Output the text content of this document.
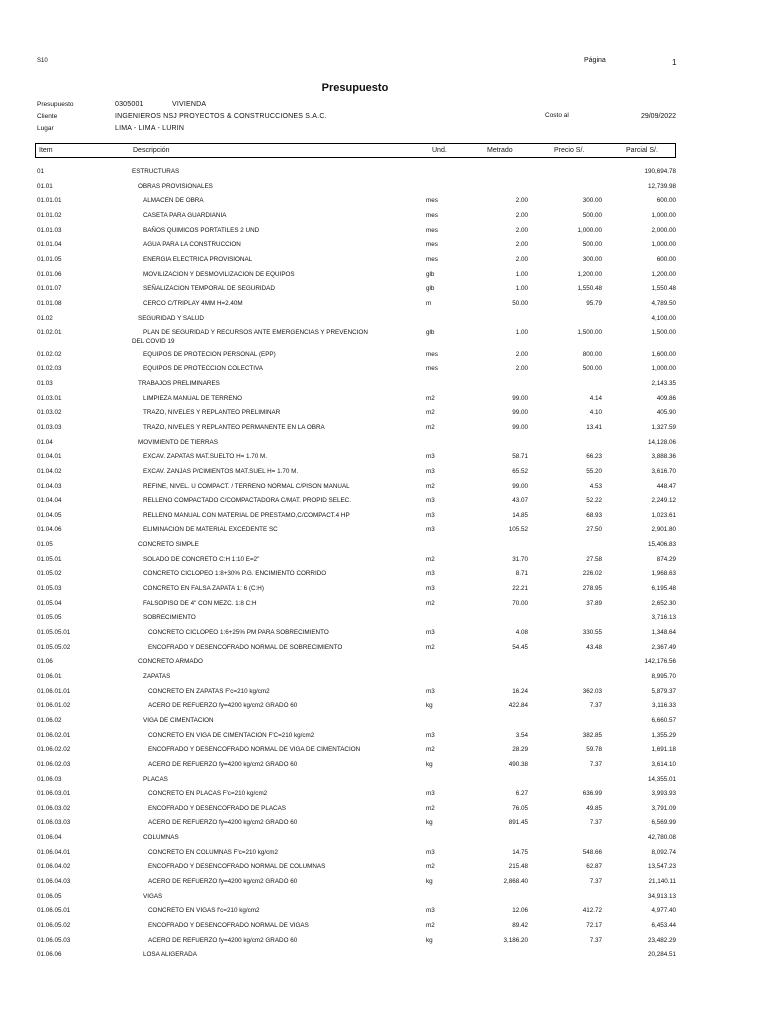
S10	Página	1
Presupuesto
Presupuesto	0305001	VIVIENDA
Cliente	INGENIEROS NSJ PROYECTOS & CONSTRUCCIONES S.A.C.	Costo al	29/09/2022
Lugar	LIMA - LIMA - LURIN
Item	Descripción	Und.	Metrado	Precio S/.	Parcial S/.
01	ESTRUCTURAS	190,694.78
01.01	OBRAS PROVISIONALES	12,739.98
01.01.01	ALMACEN DE OBRA	mes	2.00	300.00	600.00
01.01.02	CASETA PARA GUARDIANIA	mes	2.00	500.00	1,000.00
01.01.03	BAÑOS QUIMICOS PORTATILES 2 UND	mes	2.00	1,000.00	2,000.00
01.01.04	AGUA PARA LA CONSTRUCCION	mes	2.00	500.00	1,000.00
01.01.05	ENERGIA ELECTRICA PROVISIONAL	mes	2.00	300.00	600.00
01.01.06	MOVILIZACION Y DESMOVILIZACION DE EQUIPOS	glb	1.00	1,200.00	1,200.00
01.01.07	SEÑALIZACION TEMPORAL DE SEGURIDAD	glb	1.00	1,550.48	1,550.48
01.01.08	CERCO C/TRIPLAY 4MM H=2.40M	m	50.00	95.79	4,789.50
01.02	SEGURIDAD Y SALUD	4,100.00
01.02.01	PLAN DE SEGURIDAD Y RECURSOS ANTE EMERGENCIAS Y PREVENCION	glb	1.00	1,500.00	1,500.00
DEL COVID 19
01.02.02	EQUIPOS DE PROTECION PERSONAL (EPP)	mes	2.00	800.00	1,600.00
01.02.03	EQUIPOS DE PROTECCION COLECTIVA	mes	2.00	500.00	1,000.00
01.03	TRABAJOS PRELIMINARES	2,143.35
01.03.01	LIMPIEZA MANUAL DE TERRENO	m2	99.00	4.14	409.86
01.03.02	TRAZO, NIVELES Y REPLANTEO PRELIMINAR	m2	99.00	4.10	405.90
01.03.03	TRAZO, NIVELES Y REPLANTEO PERMANENTE EN LA OBRA	m2	99.00	13.41	1,327.59
01.04	MOVIMIENTO DE TIERRAS	14,128.06
01.04.01	EXCAV. ZAPATAS MAT.SUELTO H= 1.70 M.	m3	58.71	66.23	3,888.36
01.04.02	EXCAV. ZANJAS P/CIMIENTOS MAT.SUEL H= 1.70 M.	m3	65.52	55.20	3,616.70
01.04.03	REFINE, NIVEL. U COMPACT. / TERRENO NORMAL C/PISON MANUAL	m2	99.00	4.53	448.47
01.04.04	RELLENO COMPACTADO C/COMPACTADORA C/MAT. PROPID SELEC.	m3	43.07	52.22	2,249.12
01.04.05	RELLENO MANUAL CON MATERIAL DE PRESTAMO,C/COMPACT.4 HP	m3	14.85	68.93	1,023.61
01.04.06	ELIMINACION DE MATERIAL EXCEDENTE SC	m3	105.52	27.50	2,901.80
01.05	CONCRETO SIMPLE	15,406.83
01.05.01	SOLADO DE CONCRETO C:H 1:10 E=2"	m2	31.70	27.58	874.29
01.05.02	CONCRETO CICLOPEO 1:8+30% P.G. ENCIMIENTO CORRIDO	m3	8.71	226.02	1,968.63
01.05.03	CONCRETO EN FALSA ZAPATA 1: 6 (C:H)	m3	22.21	278.95	6,195.48
01.05.04	FALSOPISO DE 4" CON MEZC. 1:8 C:H	m2	70.00	37.89	2,652.30
01.05.05	SOBRECIMIENTO	3,716.13
01.05.05.01	CONCRETO CICLOPEO 1:6+25% PM PARA SOBRECIMIENTO	m3	4.08	330.55	1,348.64
01.05.05.02	ENCOFRADO Y DESENCOFRADO NORMAL DE SOBRECIMIENTO	m2	54.45	43.48	2,367.49
01.06	CONCRETO ARMADO	142,176.56
01.06.01	ZAPATAS	8,995.70
01.06.01.01	CONCRETO EN ZAPATAS F'c=210 kg/cm2	m3	16.24	362.03	5,879.37
01.06.01.02	ACERO DE REFUERZO fy=4200 kg/cm2 GRADO 60	kg	422.84	7.37	3,116.33
01.06.02	VIGA DE CIMENTACION	6,660.57
01.06.02.01	CONCRETO EN VIGA DE CIMENTACION F'C=210 kg/cm2	m3	3.54	382.85	1,355.29
01.06.02.02	ENCOFRADO Y DESENCOFRADO NORMAL DE VIGA DE CIMENTACION	m2	28.29	59.78	1,691.18
01.06.02.03	ACERO DE REFUERZO fy=4200 kg/cm2 GRADO 60	kg	490.38	7.37	3,614.10
01.06.03	PLACAS	14,355.01
01.06.03.01	CONCRETO EN PLACAS F'c=210 kg/cm2	m3	6.27	636.99	3,993.93
01.06.03.02	ENCOFRADO Y DESENCOFRADO DE PLACAS	m2	76.05	49.85	3,791.09
01.06.03.03	ACERO DE REFUERZO fy=4200 kg/cm2 GRADO 60	kg	891.45	7.37	6,569.99
01.06.04	COLUMNAS	42,780.08
01.06.04.01	CONCRETO EN COLUMNAS F'c=210 kg/cm2	m3	14.75	548.66	8,092.74
01.06.04.02	ENCOFRADO Y DESENCOFRADO NORMAL DE COLUMNAS	m2	215.48	62.87	13,547.23
01.06.04.03	ACERO DE REFUERZO fy=4200 kg/cm2 GRADO 60	kg	2,868.40	7.37	21,140.11
01.06.05	VIGAS	34,913.13
01.06.05.01	CONCRETO EN VIGAS f'c=210 kg/cm2	m3	12.06	412.72	4,977.40
01.06.05.02	ENCOFRADO Y DESENCOFRADO NORMAL DE VIGAS	m2	89.42	72.17	6,453.44
01.06.05.03	ACERO DE REFUERZO fy=4200 kg/cm2 GRADO 60	kg	3,186.20	7.37	23,482.29
01.06.06	LOSA ALIGERADA	20,284.51
